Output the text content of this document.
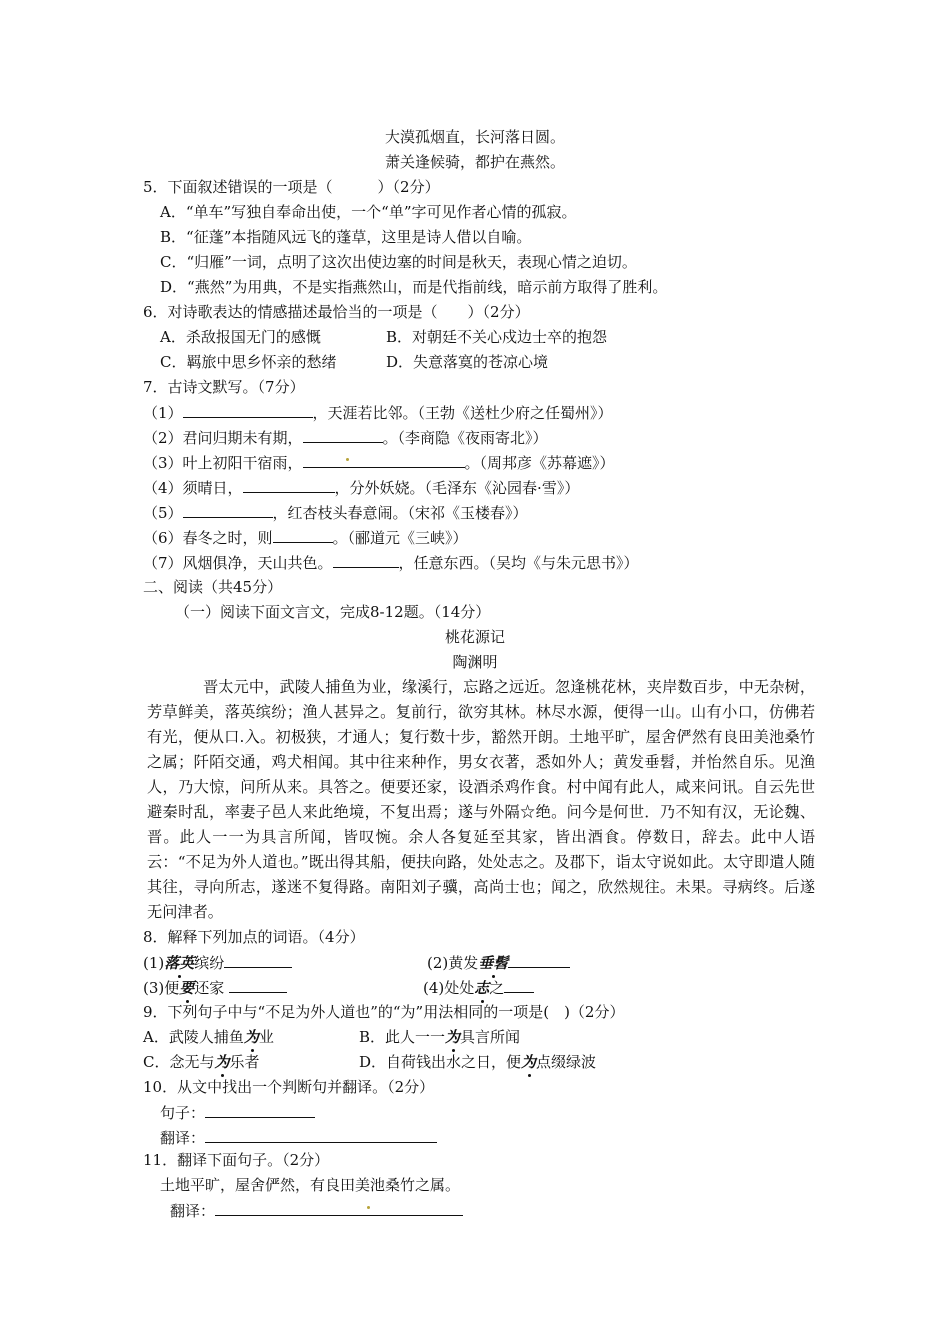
大漠孤烟直，长河落日圆。
萧关逢候骑，都护在燕然。
5．下面叙述错误的一项是（　　　）（2分）
A．“单车”写独自奉命出使，一个“单”字可见作者心情的孤寂。
B．“征蓬”本指随风远飞的蓬草，这里是诗人借以自喻。
C．“归雁”一词，点明了这次出使边塞的时间是秋天，表现心情之迫切。
D．“燕然”为用典，不是实指燕然山，而是代指前线，暗示前方取得了胜利。
6．对诗歌表达的情感描述最恰当的一项是（　　）（2分）
A．杀敌报国无门的感慨	B．对朝廷不关心戍边士卒的抱怨
C．羁旅中思乡怀亲的愁绪	D．失意落寞的苍凉心境
7．古诗文默写。（7分）
（1）	，天涯若比邻。（王勃《送杜少府之任蜀州》）
（2）君问归期未有期，	。（李商隐《夜雨寄北》）
（3）叶上初阳干宿雨，	。（周邦彦《苏幕遮》）
（4）须晴日，	，分外妖娆。（毛泽东《沁园春·雪》）
（5）	，红杏枝头春意闹。（宋祁《玉楼春》）
（6）春冬之时，则	。（郦道元《三峡》）
（7）风烟俱净，天山共色。	，任意东西。（吴均《与朱元思书》）
二、阅读（共45分）
（一）阅读下面文言文，完成8-12题。（14分）
桃花源记
陶渊明
晋太元中，武陵人捕鱼为业，缘溪行，忘路之远近。忽逢桃花林，夹岸数百步，中无杂树，芳草鲜美，落英缤纷；渔人甚异之。复前行，欲穷其林。林尽水源，便得一山。山有小口，仿佛若有光，便从口.入。初极狭，才通人；复行数十步，豁然开朗。土地平旷，屋舍俨然有良田美池桑竹之属；阡陌交通，鸡犬相闻。其中往来种作，男女衣著，悉如外人；黄发垂髫，并怡然自乐。见渔人，乃大惊，问所从来。具答之。便要还家，设酒杀鸡作食。村中闻有此人，咸来问讯。自云先世避秦时乱，率妻子邑人来此绝境，不复出焉；遂与外隔☆绝。问今是何世．乃不知有汉，无论魏、晋。此人一一为具言所闻，皆叹惋。余人各复延至其家，皆出酒食。停数日，辞去。此中人语云：“不足为外人道也。”既出得其船，便扶向路，处处志之。及郡下，诣太守说如此。太守即遣人随其往，寻向所志，遂迷不复得路。南阳刘子骥，高尚士也；闻之，欣然规往。未果。寻病终。后遂无问津者。
8．解释下列加点的词语。（4分）
(1)落英缤纷	(2)黄发垂髫
(3)便要还家	(4)处处志之
9．下列句子中与“不足为外人道也”的“为”用法相同的一项是(　)（2分）
A．武陵人捕鱼为业	B．此人一一为具言所闻
C．念无与为乐者	D．自荷钱出水之日，便为点缀绿波
10．从文中找出一个判断句并翻译。（2分）
句子：
翻译：
11．翻译下面句子。（2分）
土地平旷，屋舍俨然，有良田美池桑竹之属。
翻译：
